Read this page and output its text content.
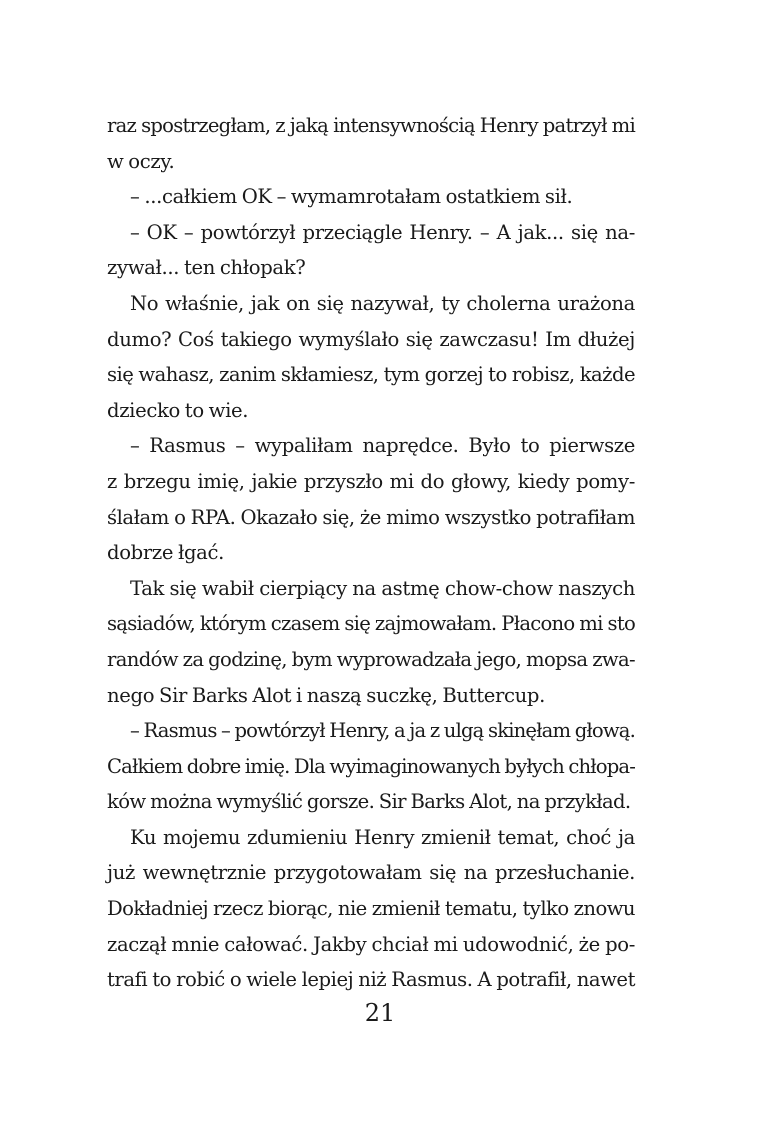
raz spostrzegłam, z jaką intensywnością Henry patrzył mi
w oczy.
– ...całkiem OK – wymamrotałam ostatkiem sił.
– OK – powtórzył przeciągle Henry. – A jak... się na-
zywał... ten chłopak?
No właśnie, jak on się nazywał, ty cholerna urażona
dumo? Coś takiego wymyślało się zawczasu! Im dłużej
się wahasz, zanim skłamiesz, tym gorzej to robisz, każde
dziecko to wie.
– Rasmus – wypaliłam naprędce. Było to pierwsze
z brzegu imię, jakie przyszło mi do głowy, kiedy pomy-
ślałam o RPA. Okazało się, że mimo wszystko potrafiłam
dobrze łgać.
Tak się wabił cierpiący na astmę chow-chow naszych
sąsiadów, którym czasem się zajmowałam. Płacono mi sto
randów za godzinę, bym wyprowadzała jego, mopsa zwa-
nego Sir Barks Alot i naszą suczkę, Buttercup.
– Rasmus – powtórzył Henry, a ja z ulgą skinęłam głową.
Całkiem dobre imię. Dla wyimaginowanych byłych chłopa-
ków można wymyślić gorsze. Sir Barks Alot, na przykład.
Ku mojemu zdumieniu Henry zmienił temat, choć ja
już wewnętrznie przygotowałam się na przesłuchanie.
Dokładniej rzecz biorąc, nie zmienił tematu, tylko znowu
zaczął mnie całować. Jakby chciał mi udowodnić, że po-
trafi to robić o wiele lepiej niż Rasmus. A potrafił, nawet
21
